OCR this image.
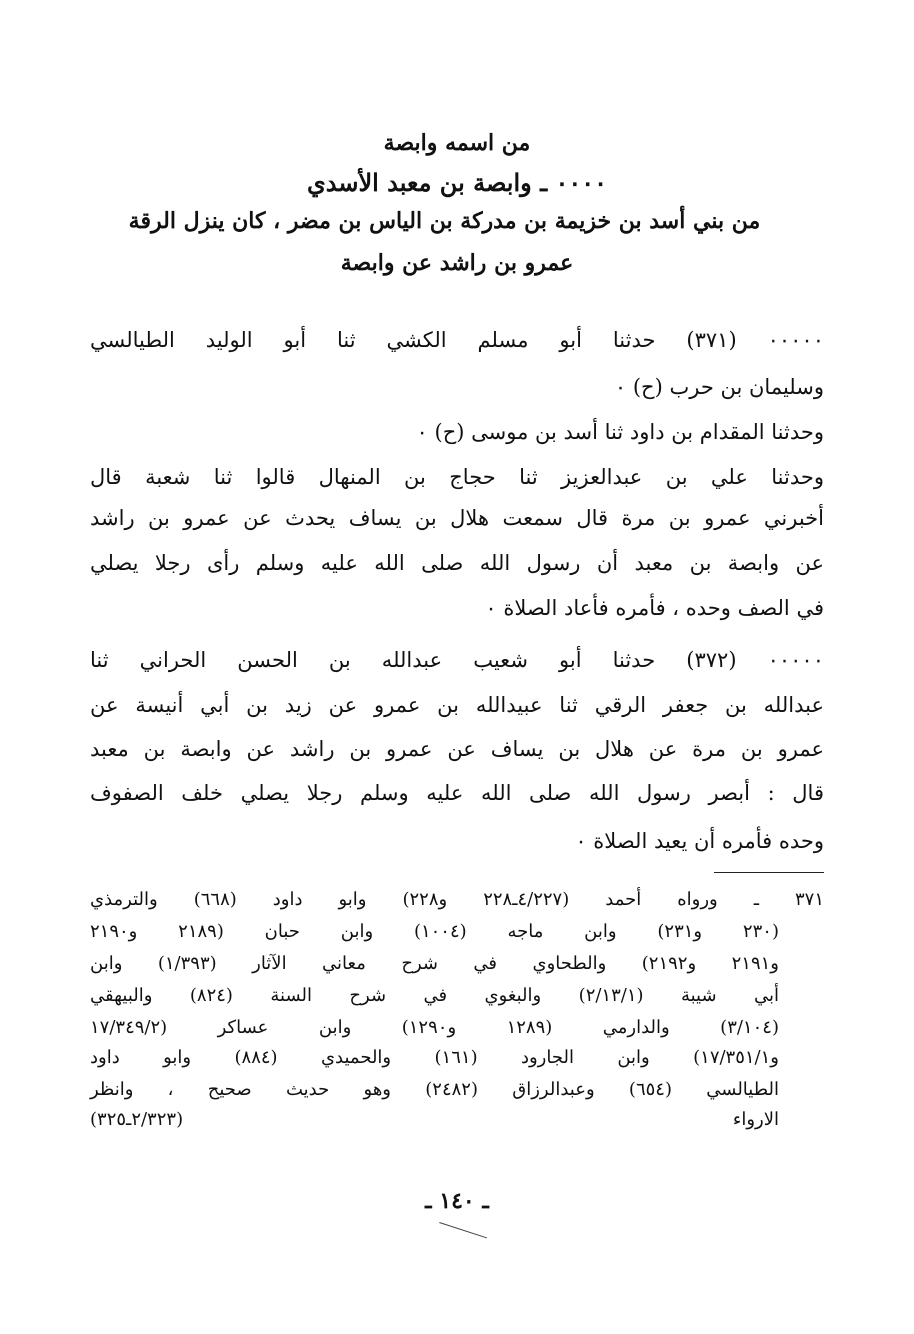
من اسمه وابصة
٠٠٠٠ ـ وابصة بن معبد الأسدي
من بني أسد بن خزيمة بن مدركة بن الياس بن مضر ، كان ينزل الرقة
عمرو بن راشد عن وابصة
٠٠٠٠٠ (٣٧١) حدثنا أبو مسلم الكشي ثنا أبو الوليد الطيالسي
وسليمان بن حرب (ح) ٠
وحدثنا المقدام بن داود ثنا أسد بن موسى (ح) ٠
وحدثنا علي بن عبدالعزيز ثنا حجاج بن المنهال قالوا ثنا شعبة قال
أخبرني عمرو بن مرة قال سمعت هلال بن يساف يحدث عن عمرو بن راشد
عن وابصة بن معبد أن رسول الله صلى الله عليه وسلم رأى رجلا يصلي
في الصف وحده ، فأمره فأعاد الصلاة ٠
٠٠٠٠٠ (٣٧٢) حدثنا أبو شعيب عبدالله بن الحسن الحراني ثنا
عبدالله بن جعفر الرقي ثنا عبيدالله بن عمرو عن زيد بن أبي أنيسة عن
عمرو بن مرة عن هلال بن يساف عن عمرو بن راشد عن وابصة بن معبد
قال : أبصر رسول الله صلى الله عليه وسلم رجلا يصلي خلف الصفوف
وحده فأمره أن يعيد الصلاة ٠
٣٧١ ـ ورواه أحمد (٤/٢٢٧ـ٢٢٨ و٢٢٨) وابو داود (٦٦٨) والترمذي
(٢٣٠ و٢٣١) وابن ماجه (١٠٠٤) وابن حبان (٢١٨٩ و٢١٩٠
و٢١٩١ و٢١٩٢) والطحاوي في شرح معاني الآثار (١/٣٩٣) وابن
أبي شيبة (٢/١٣/١) والبغوي في شرح السنة (٨٢٤) والبيهقي
(٣/١٠٤) والدارمي (١٢٨٩ و١٢٩٠) وابن عساكر (١٧/٣٤٩/٢
و١٧/٣٥١/١) وابن الجارود (١٦١) والحميدي (٨٨٤) وابو داود
الطيالسي (٦٥٤) وعبدالرزاق (٢٤٨٢) وهو حديث صحيح ، وانظر
الارواء (٢/٣٢٣ـ٣٢٥)
ـ ١٤٠ ـ
